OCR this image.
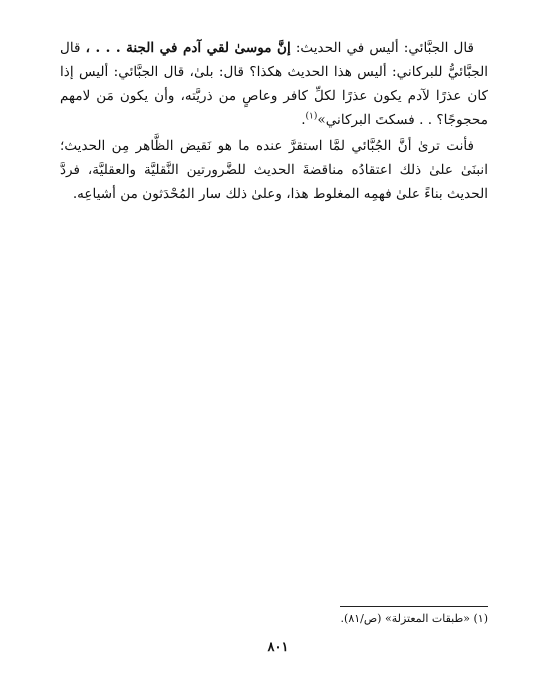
قال الجبَّائي: أليس في الحديث: إنَّ موسىٰ لقي آدم في الجنة . . . ، قال الجبَّائيُّ للبركاني: أليس هذا الحديث هكذا؟ قال: بلىٰ، قال الجبَّائي: أليس إذا كان عذرًا لآدم يكون عذرًا لكلِّ كافر وعاصٍ من ذريَّته، وأن يكون مَن لامهم محجوجًا؟ . . فسكتَ البركاني»$^{(١)}$.

فأنت ترىٰ أنَّ الجُبَّائي لمَّا استقرَّ عنده ما هو نَقيض الظَّاهر مِن الحديث؛ انبنَىٰ علىٰ ذلك اعتقادُه مناقضةَ الحديث للضَّرورتين النَّقليَّة والعقليَّة، فردَّ الحديث بناءً علىٰ فهمِه المغلوط هذا، وعلىٰ ذلك سار المُحْدَثون من أشياعِه.

(١) «طبقات المعتزلة» (ص/٨١).
٨٠١
